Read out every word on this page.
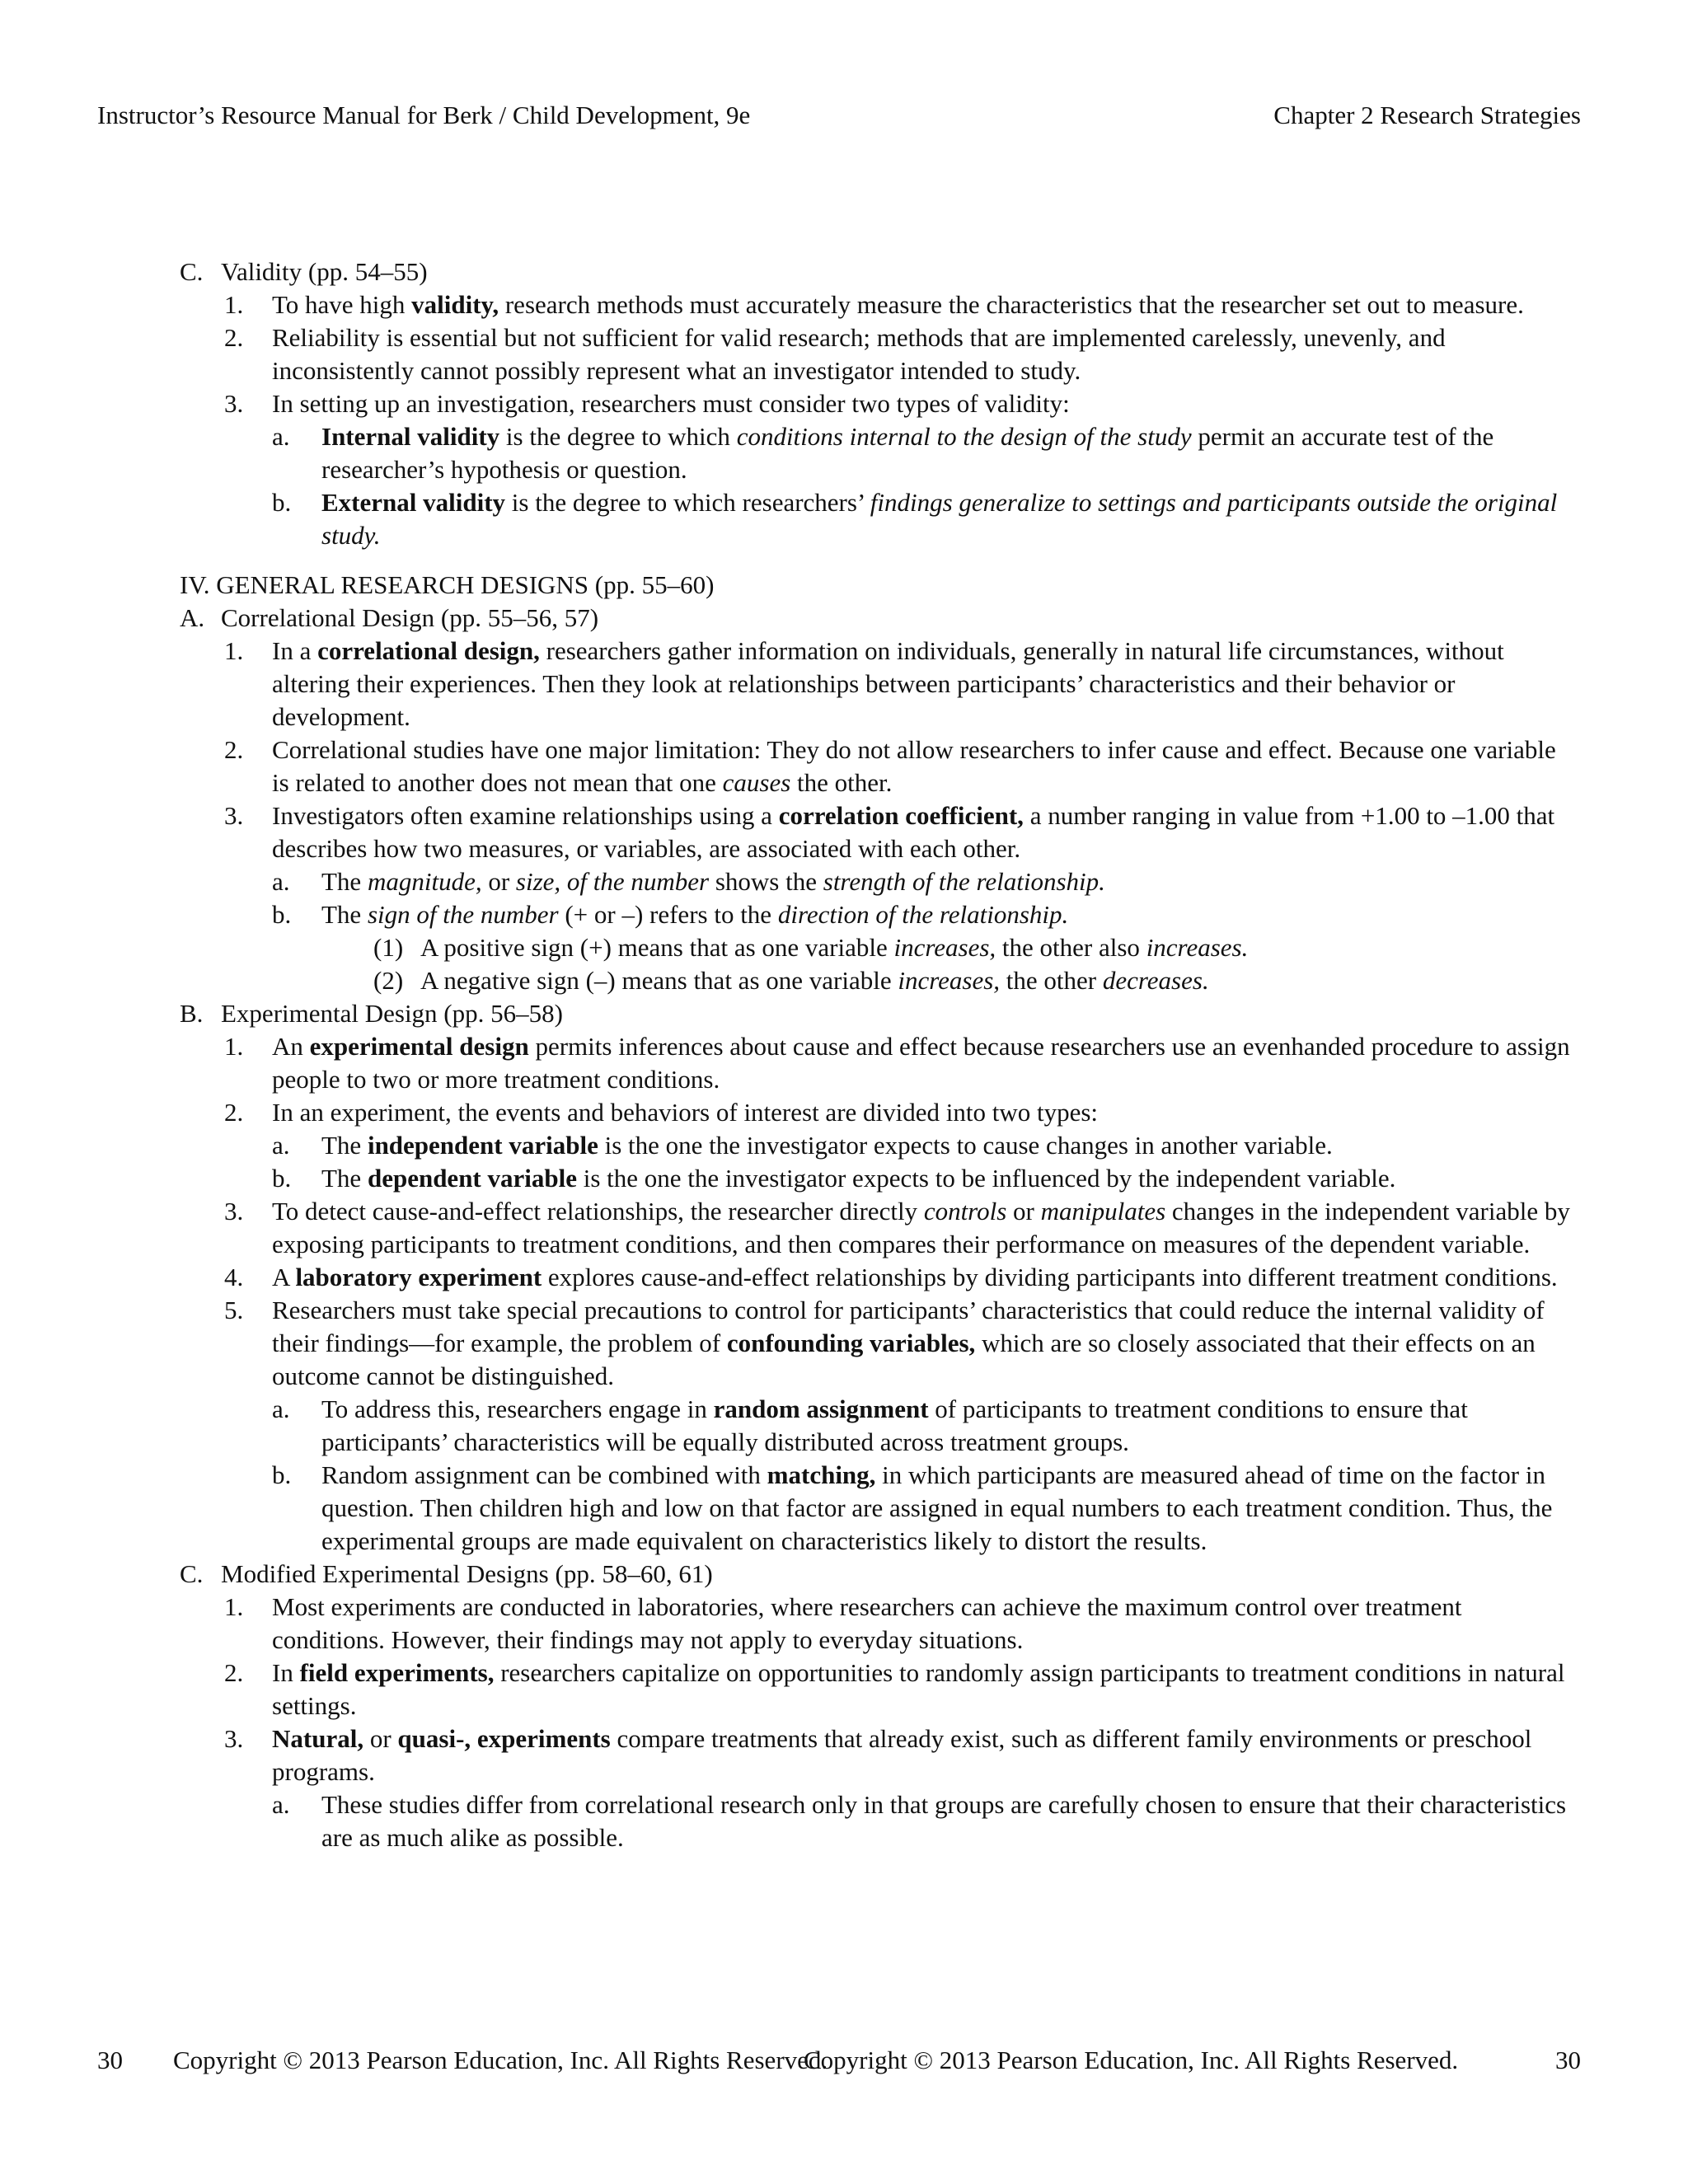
Instructor’s Resource Manual for Berk / Child Development, 9e	Chapter 2 Research Strategies
C. Validity (pp. 54–55)
1. To have high validity, research methods must accurately measure the characteristics that the researcher set out to measure.
2. Reliability is essential but not sufficient for valid research; methods that are implemented carelessly, unevenly, and inconsistently cannot possibly represent what an investigator intended to study.
3. In setting up an investigation, researchers must consider two types of validity:
a. Internal validity is the degree to which conditions internal to the design of the study permit an accurate test of the researcher’s hypothesis or question.
b. External validity is the degree to which researchers’ findings generalize to settings and participants outside the original study.
IV. GENERAL RESEARCH DESIGNS (pp. 55–60)
A. Correlational Design (pp. 55–56, 57)
1. In a correlational design, researchers gather information on individuals, generally in natural life circumstances, without altering their experiences. Then they look at relationships between participants’ characteristics and their behavior or development.
2. Correlational studies have one major limitation: They do not allow researchers to infer cause and effect. Because one variable is related to another does not mean that one causes the other.
3. Investigators often examine relationships using a correlation coefficient, a number ranging in value from +1.00 to –1.00 that describes how two measures, or variables, are associated with each other.
a. The magnitude, or size, of the number shows the strength of the relationship.
b. The sign of the number (+ or –) refers to the direction of the relationship.
(1) A positive sign (+) means that as one variable increases, the other also increases.
(2) A negative sign (–) means that as one variable increases, the other decreases.
B. Experimental Design (pp. 56–58)
1. An experimental design permits inferences about cause and effect because researchers use an evenhanded procedure to assign people to two or more treatment conditions.
2. In an experiment, the events and behaviors of interest are divided into two types:
a. The independent variable is the one the investigator expects to cause changes in another variable.
b. The dependent variable is the one the investigator expects to be influenced by the independent variable.
3. To detect cause-and-effect relationships, the researcher directly controls or manipulates changes in the independent variable by exposing participants to treatment conditions, and then compares their performance on measures of the dependent variable.
4. A laboratory experiment explores cause-and-effect relationships by dividing participants into different treatment conditions.
5. Researchers must take special precautions to control for participants’ characteristics that could reduce the internal validity of their findings—for example, the problem of confounding variables, which are so closely associated that their effects on an outcome cannot be distinguished.
a. To address this, researchers engage in random assignment of participants to treatment conditions to ensure that participants’ characteristics will be equally distributed across treatment groups.
b. Random assignment can be combined with matching, in which participants are measured ahead of time on the factor in question. Then children high and low on that factor are assigned in equal numbers to each treatment condition. Thus, the experimental groups are made equivalent on characteristics likely to distort the results.
C. Modified Experimental Designs (pp. 58–60, 61)
1. Most experiments are conducted in laboratories, where researchers can achieve the maximum control over treatment conditions. However, their findings may not apply to everyday situations.
2. In field experiments, researchers capitalize on opportunities to randomly assign participants to treatment conditions in natural settings.
3. Natural, or quasi-, experiments compare treatments that already exist, such as different family environments or preschool programs.
a. These studies differ from correlational research only in that groups are carefully chosen to ensure that their characteristics are as much alike as possible.
30 Copyright © 2013 Pearson Education, Inc. All Rights Reserved.
Copyright © 2013 Pearson Education, Inc. All Rights Reserved.	30
